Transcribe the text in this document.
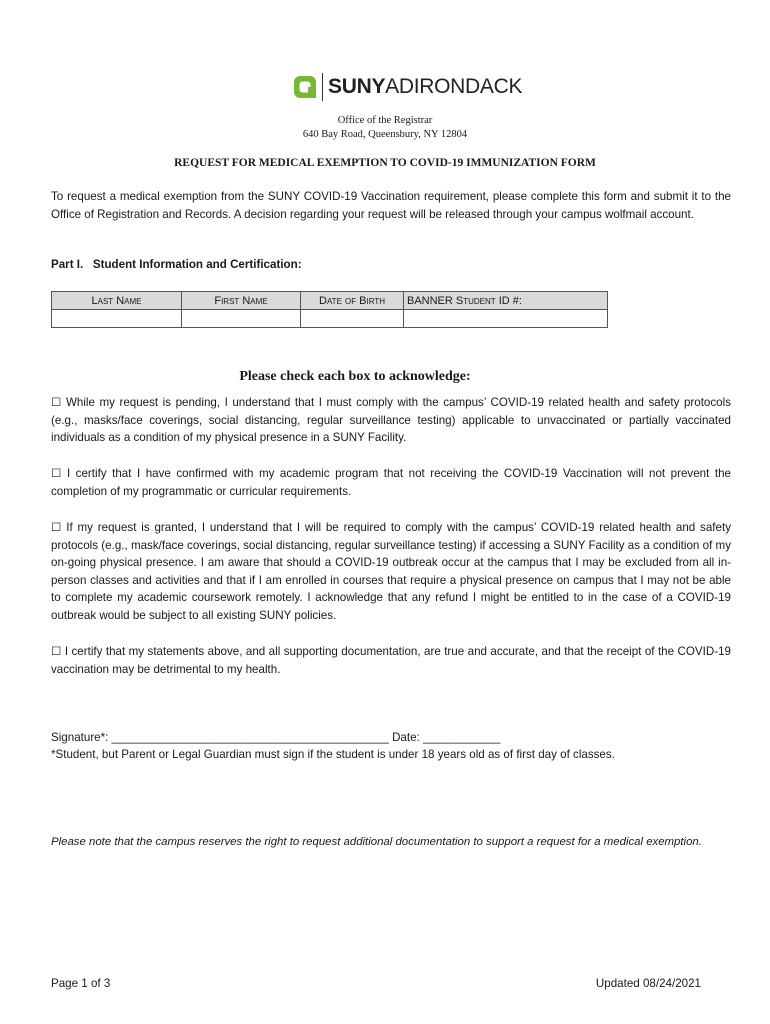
SUNYADIRONDACK
Office of the Registrar
640 Bay Road, Queensbury, NY 12804
REQUEST FOR MEDICAL EXEMPTION TO COVID-19 IMMUNIZATION FORM
To request a medical exemption from the SUNY COVID-19 Vaccination requirement, please complete this form and submit it to the Office of Registration and Records. A decision regarding your request will be released through your campus wolfmail account.
Part I.   Student Information and Certification:
Last Name	First Name	Date of Birth	BANNER Student ID #:

Please check each box to acknowledge:
☐ While my request is pending, I understand that I must comply with the campus’ COVID-19 related health and safety protocols (e.g., masks/face coverings, social distancing, regular surveillance testing) applicable to unvaccinated or partially vaccinated individuals as a condition of my physical presence in a SUNY Facility.
☐ I certify that I have confirmed with my academic program that not receiving the COVID-19 Vaccination will not prevent the completion of my programmatic or curricular requirements.
☐ If my request is granted, I understand that I will be required to comply with the campus’ COVID-19 related health and safety protocols (e.g., mask/face coverings, social distancing, regular surveillance testing) if accessing a SUNY Facility as a condition of my on-going physical presence. I am aware that should a COVID-19 outbreak occur at the campus that I may be excluded from all in-person classes and activities and that if I am enrolled in courses that require a physical presence on campus that I may not be able to complete my academic coursework remotely. I acknowledge that any refund I might be entitled to in the case of a COVID-19 outbreak would be subject to all existing SUNY policies.
☐ I certify that my statements above, and all supporting documentation, are true and accurate, and that the receipt of the COVID-19 vaccination may be detrimental to my health.
Signature*: ___________________________________________ Date: ____________
*Student, but Parent or Legal Guardian must sign if the student is under 18 years old as of first day of classes.
Please note that the campus reserves the right to request additional documentation to support a request for a medical exemption.
Page 1 of 3	Updated 08/24/2021
